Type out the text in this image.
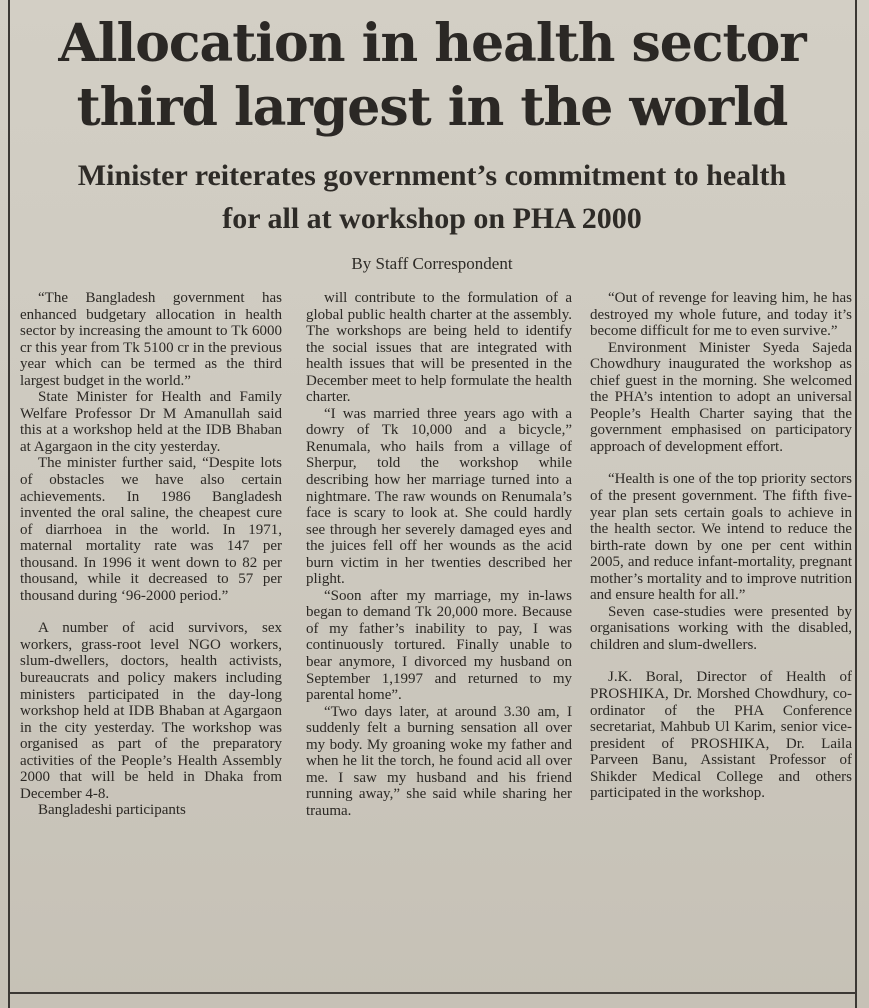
Allocation in health sector
third largest in the world
Minister reiterates government’s commitment to health
for all at workshop on PHA 2000
By Staff Correspondent

“The Bangladesh government has enhanced budgetary allocation in health sector by increasing the amount to Tk 6000 cr this year from Tk 5100 cr in the previous year which can be termed as the third largest budget in the world.”

State Minister for Health and Family Welfare Professor Dr M Amanullah said this at a workshop held at the IDB Bhaban at Agargaon in the city yesterday.

The minister further said, “Despite lots of obstacles we have also certain achievements. In 1986 Bangladesh invented the oral saline, the cheapest cure of diarrhoea in the world. In 1971, maternal mortality rate was 147 per thousand. In 1996 it went down to 82 per thousand, while it decreased to 57 per thousand during ‘96-2000 period.”

A number of acid survivors, sex workers, grass-root level NGO workers, slum-dwellers, doctors, health activists, bureaucrats and policy makers including ministers participated in the day-long workshop held at IDB Bhaban at Agargaon in the city yesterday. The workshop was organised as part of the preparatory activities of the People’s Health Assembly 2000 that will be held in Dhaka from December 4-8.

Bangladeshi participants

will contribute to the formulation of a global public health charter at the assembly. The workshops are being held to identify the social issues that are integrated with health issues that will be presented in the December meet to help formulate the health charter.

“I was married three years ago with a dowry of Tk 10,000 and a bicycle,” Renumala, who hails from a village of Sherpur, told the workshop while describing how her marriage turned into a nightmare. The raw wounds on Renumala’s face is scary to look at. She could hardly see through her severely damaged eyes and the juices fell off her wounds as the acid burn victim in her twenties described her plight.

“Soon after my marriage, my in-laws began to demand Tk 20,000 more. Because of my father’s inability to pay, I was continuously tortured. Finally unable to bear anymore, I divorced my husband on September 1,1997 and returned to my parental home”.

“Two days later, at around 3.30 am, I suddenly felt a burning sensation all over my body. My groaning woke my father and when he lit the torch, he found acid all over me. I saw my husband and his friend running away,” she said while sharing her trauma.

“Out of revenge for leaving him, he has destroyed my whole future, and today it’s become difficult for me to even survive.”

Environment Minister Syeda Sajeda Chowdhury inaugurated the workshop as chief guest in the morning. She welcomed the PHA’s intention to adopt an universal People’s Health Charter saying that the government emphasised on participatory approach of development effort.

“Health is one of the top priority sectors of the present government. The fifth five-year plan sets certain goals to achieve in the health sector. We intend to reduce the birth-rate down by one per cent within 2005, and reduce infant-mortality, pregnant mother’s mortality and to improve nutrition and ensure health for all.”

Seven case-studies were presented by organisations working with the disabled, children and slum-dwellers.

J.K. Boral, Director of Health of PROSHIKA, Dr. Morshed Chowdhury, co-ordinator of the PHA Conference secretariat, Mahbub Ul Karim, senior vice-president of PROSHIKA, Dr. Laila Parveen Banu, Assistant Professor of Shikder Medical College and others participated in the workshop.
